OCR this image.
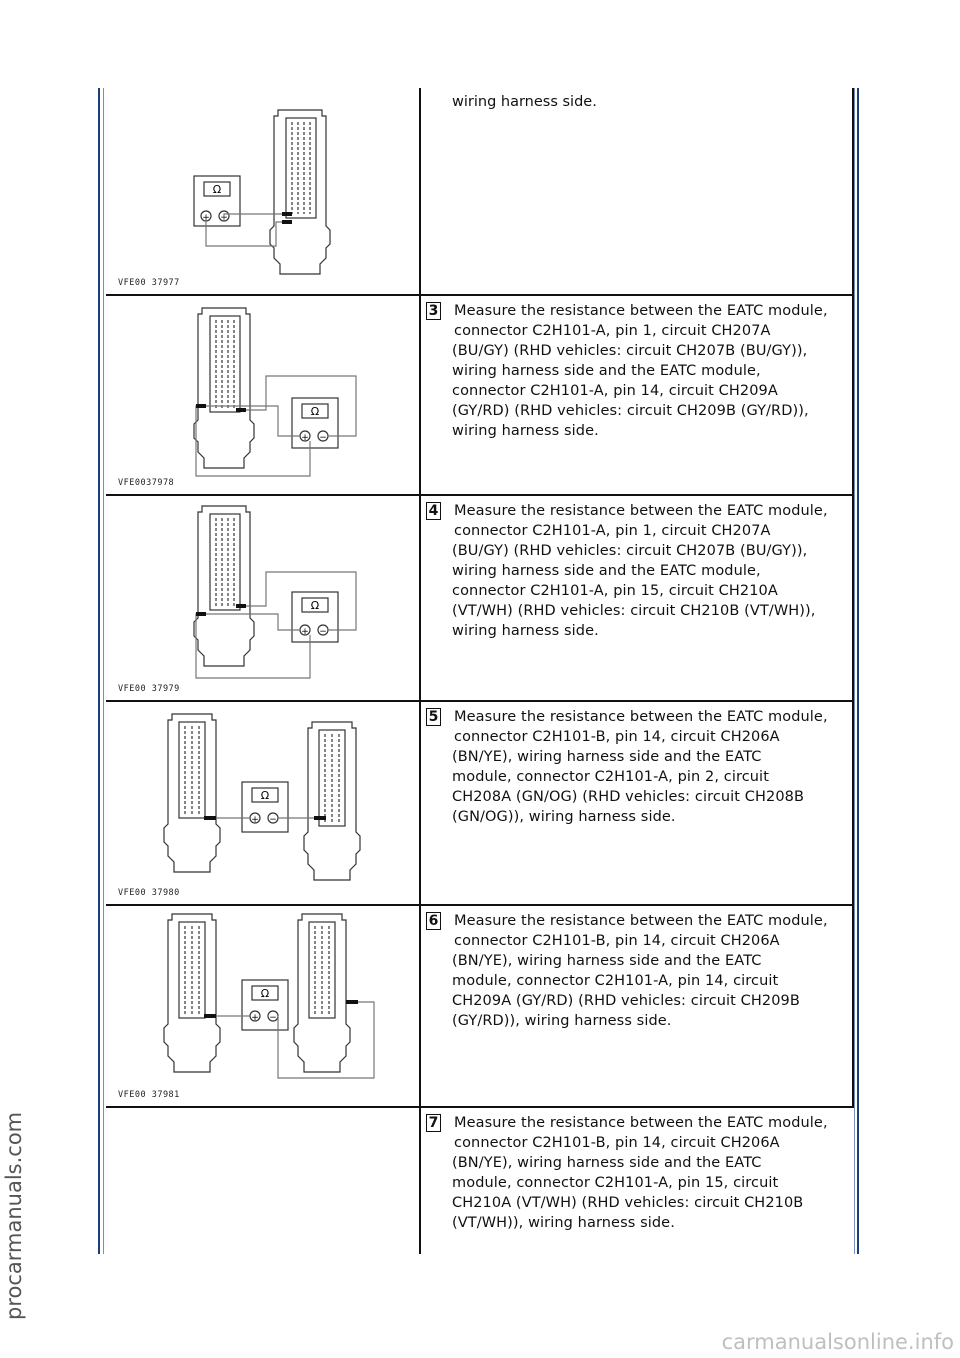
Ω
+ −
VFE00 37977
wiring harness side.
Ω
+ −
VFE0037978
3 Measure the resistance between the EATC module,
connector C2H101-A, pin 1, circuit CH207A
(BU/GY) (RHD vehicles: circuit CH207B (BU/GY)),
wiring harness side and the EATC module,
connector C2H101-A, pin 14, circuit CH209A
(GY/RD) (RHD vehicles: circuit CH209B (GY/RD)),
wiring harness side.
Ω
+ −
VFE00 37979
4 Measure the resistance between the EATC module,
connector C2H101-A, pin 1, circuit CH207A
(BU/GY) (RHD vehicles: circuit CH207B (BU/GY)),
wiring harness side and the EATC module,
connector C2H101-A, pin 15, circuit CH210A
(VT/WH) (RHD vehicles: circuit CH210B (VT/WH)),
wiring harness side.
Ω
+ −
VFE00 37980
5 Measure the resistance between the EATC module,
connector C2H101-B, pin 14, circuit CH206A
(BN/YE), wiring harness side and the EATC
module, connector C2H101-A, pin 2, circuit
CH208A (GN/OG) (RHD vehicles: circuit CH208B
(GN/OG)), wiring harness side.
Ω
+ −
VFE00 37981
6 Measure the resistance between the EATC module,
connector C2H101-B, pin 14, circuit CH206A
(BN/YE), wiring harness side and the EATC
module, connector C2H101-A, pin 14, circuit
CH209A (GY/RD) (RHD vehicles: circuit CH209B
(GY/RD)), wiring harness side.
7 Measure the resistance between the EATC module,
connector C2H101-B, pin 14, circuit CH206A
(BN/YE), wiring harness side and the EATC
module, connector C2H101-A, pin 15, circuit
CH210A (VT/WH) (RHD vehicles: circuit CH210B
(VT/WH)), wiring harness side.
procarmanuals.com
carmanualsonline.info
